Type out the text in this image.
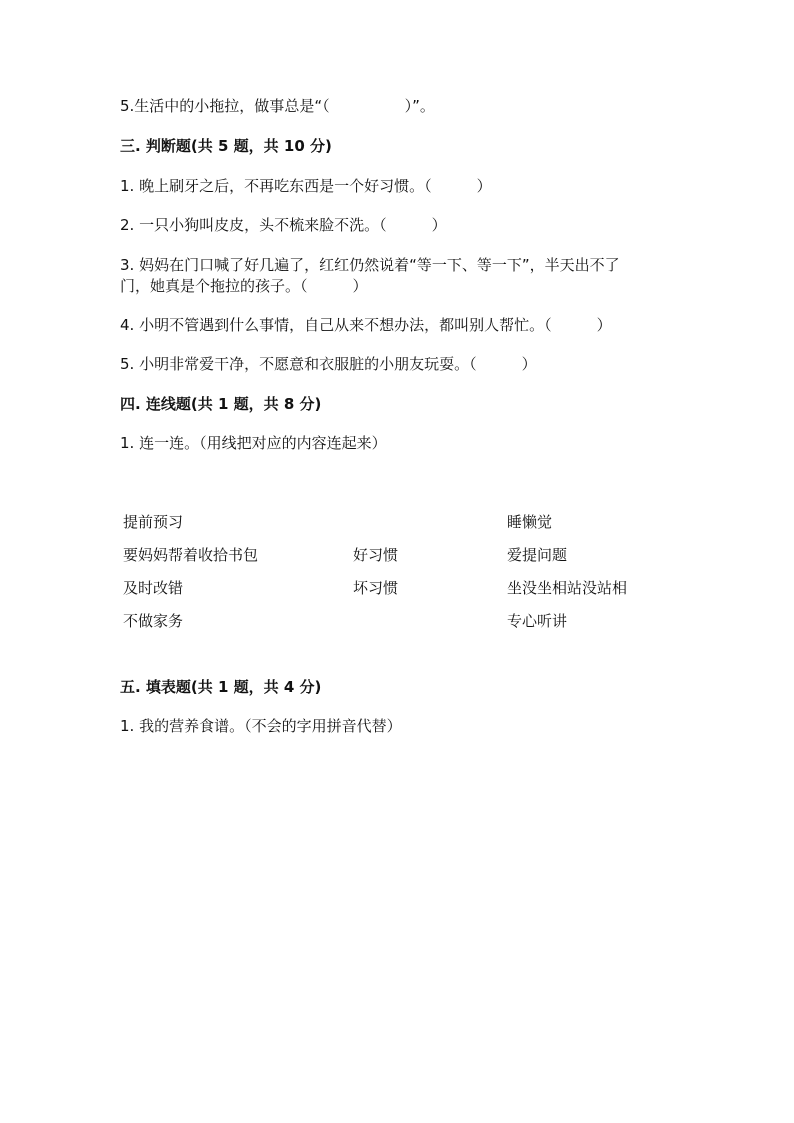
5.生活中的小拖拉，做事总是“（　　　　　）”。
三. 判断题(共 5 题，共 10 分)
1. 晚上刷牙之后，不再吃东西是一个好习惯。（　　　）
2. 一只小狗叫皮皮，头不梳来脸不洗。（　　　）
3. 妈妈在门口喊了好几遍了，红红仍然说着“等一下、等一下”，半天出不了
门，她真是个拖拉的孩子。（　　　）
4. 小明不管遇到什么事情，自己从来不想办法，都叫别人帮忙。（　　　）
5. 小明非常爱干净，不愿意和衣服脏的小朋友玩耍。（　　　）
四. 连线题(共 1 题，共 8 分)
1. 连一连。（用线把对应的内容连起来）
提前预习
要妈妈帮着收拾书包
及时改错
不做家务
好习惯
坏习惯
睡懒觉
爱提问题
坐没坐相站没站相
专心听讲
五. 填表题(共 1 题，共 4 分)
1. 我的营养食谱。（不会的字用拼音代替）
